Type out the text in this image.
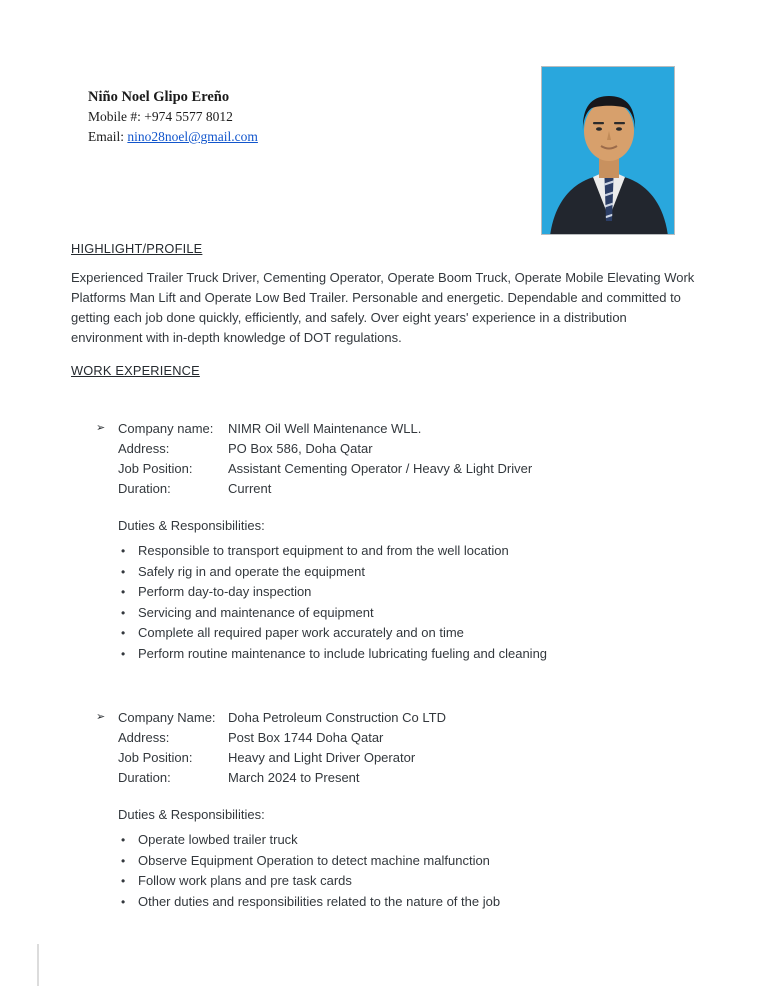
Niño Noel Glipo Ereño
Mobile #: +974 5577 8012
Email: nino28noel@gmail.com
HIGHLIGHT/PROFILE

Experienced Trailer Truck Driver, Cementing Operator, Operate Boom Truck, Operate Mobile Elevating Work Platforms Man Lift and Operate Low Bed Trailer. Personable and energetic. Dependable and committed to getting each job done quickly, efficiently, and safely. Over eight years' experience in a distribution environment with in-depth knowledge of DOT regulations.

WORK EXPERIENCE
➢ Company name:	NIMR Oil Well Maintenance WLL.
Address:	PO Box 586, Doha Qatar
Job Position:	Assistant Cementing Operator / Heavy & Light Driver
Duration:	Current
Duties & Responsibilities:
• Responsible to transport equipment to and from the well location
• Safely rig in and operate the equipment
• Perform day-to-day inspection
• Servicing and maintenance of equipment
• Complete all required paper work accurately and on time
• Perform routine maintenance to include lubricating fueling and cleaning
➢ Company Name: Doha Petroleum Construction Co LTD
Address:	Post Box 1744 Doha Qatar
Job Position:	Heavy and Light Driver Operator
Duration:	March 2024 to Present
Duties & Responsibilities:
• Operate lowbed trailer truck
• Observe Equipment Operation to detect machine malfunction
• Follow work plans and pre task cards
• Other duties and responsibilities related to the nature of the job
